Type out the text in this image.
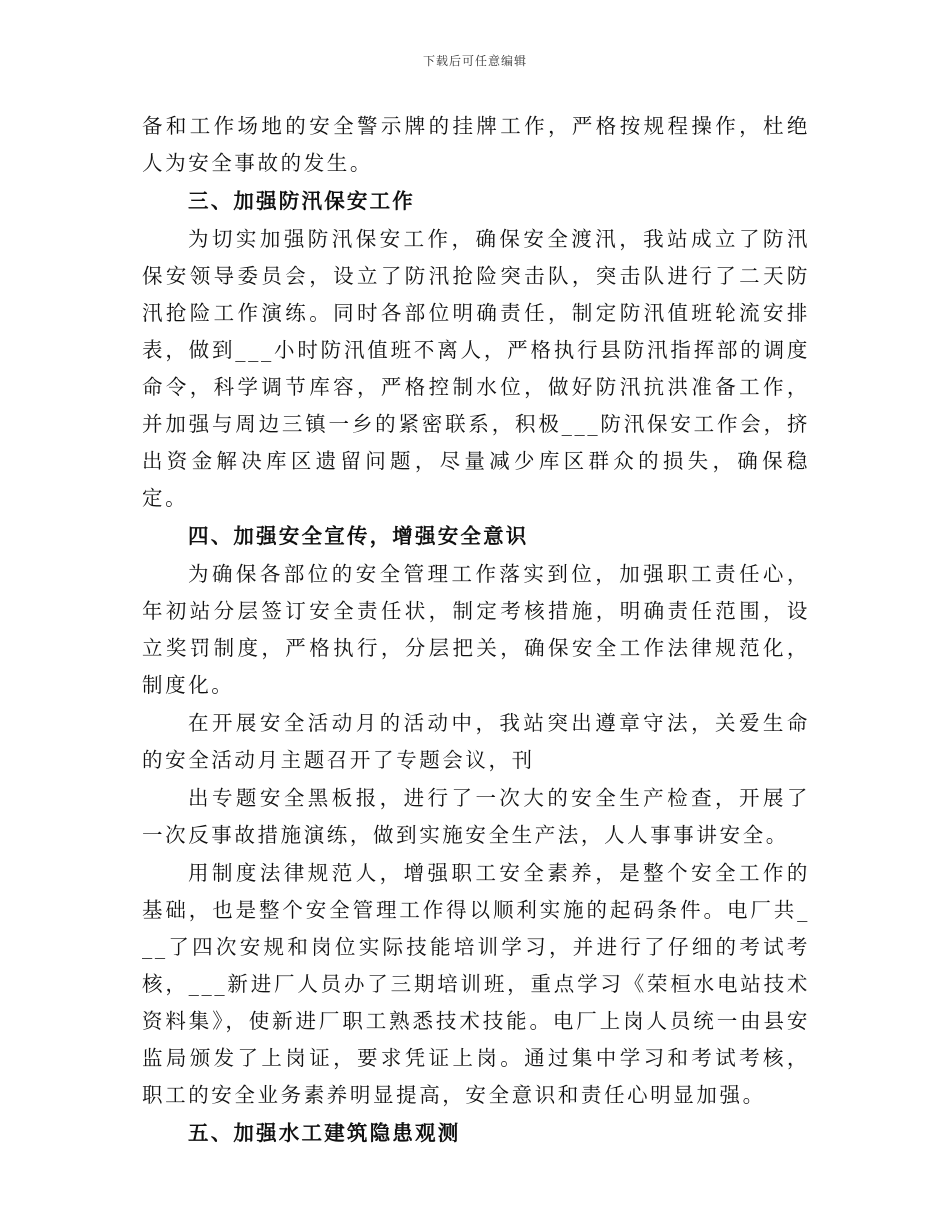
下载后可任意编辑

备和工作场地的安全警示牌的挂牌工作，严格按规程操作，杜绝人为安全事故的发生。

三、加强防汛保安工作

为切实加强防汛保安工作，确保安全渡汛，我站成立了防汛保安领导委员会，设立了防汛抢险突击队，突击队进行了二天防汛抢险工作演练。同时各部位明确责任，制定防汛值班轮流安排表，做到___小时防汛值班不离人，严格执行县防汛指挥部的调度命令，科学调节库容，严格控制水位，做好防汛抗洪准备工作，并加强与周边三镇一乡的紧密联系，积极___防汛保安工作会，挤出资金解决库区遗留问题，尽量减少库区群众的损失，确保稳定。

四、加强安全宣传，增强安全意识

为确保各部位的安全管理工作落实到位，加强职工责任心，年初站分层签订安全责任状，制定考核措施，明确责任范围，设立奖罚制度，严格执行，分层把关，确保安全工作法律规范化，制度化。

在开展安全活动月的活动中，我站突出遵章守法，关爱生命的安全活动月主题召开了专题会议，刊

出专题安全黑板报，进行了一次大的安全生产检查，开展了一次反事故措施演练，做到实施安全生产法，人人事事讲安全。

用制度法律规范人，增强职工安全素养，是整个安全工作的基础，也是整个安全管理工作得以顺利实施的起码条件。电厂共___了四次安规和岗位实际技能培训学习，并进行了仔细的考试考核，___新进厂人员办了三期培训班，重点学习《荣桓水电站技术资料集》，使新进厂职工熟悉技术技能。电厂上岗人员统一由县安监局颁发了上岗证，要求凭证上岗。通过集中学习和考试考核，职工的安全业务素养明显提高，安全意识和责任心明显加强。

五、加强水工建筑隐患观测
